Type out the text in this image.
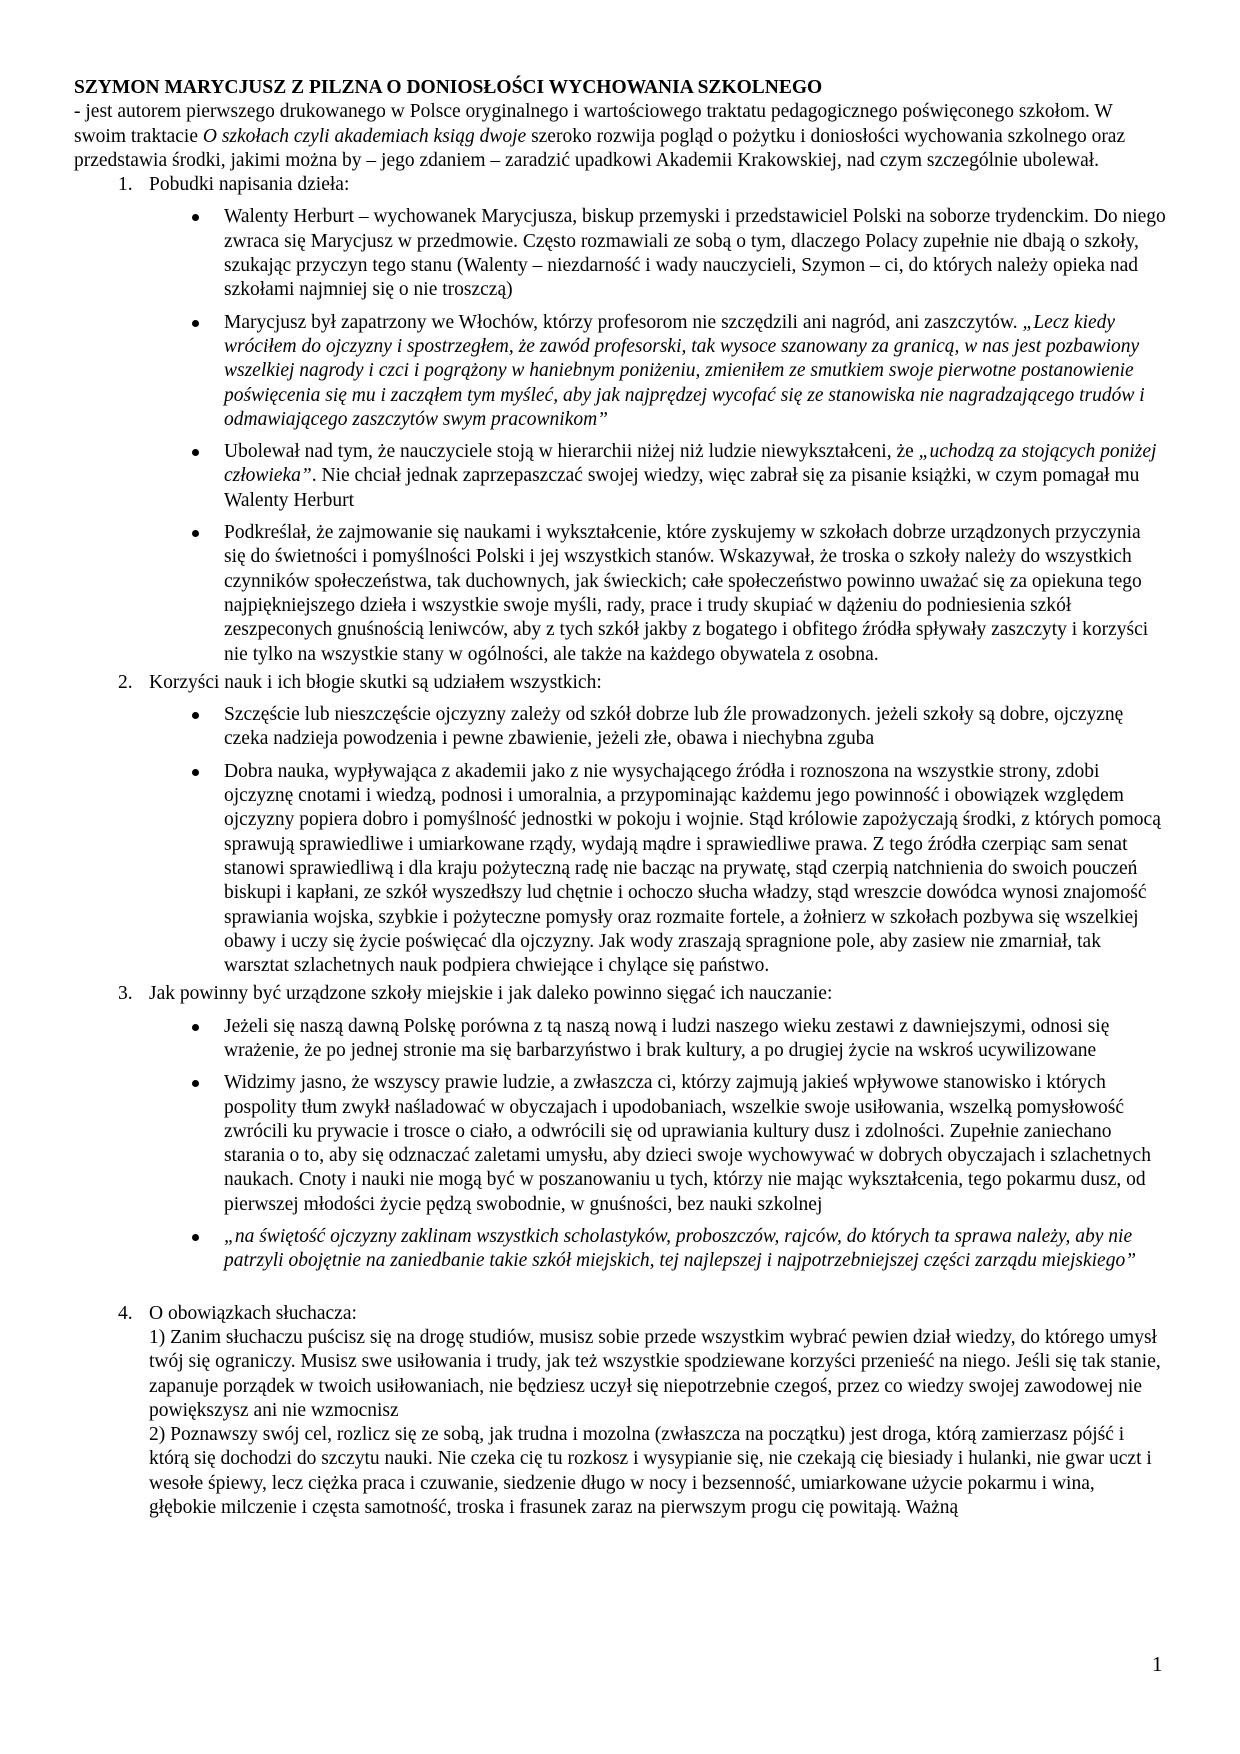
SZYMON MARYCJUSZ Z PILZNA O DONIOSŁOŚCI WYCHOWANIA SZKOLNEGO
- jest autorem pierwszego drukowanego w Polsce oryginalnego i wartościowego traktatu pedagogicznego poświęconego szkołom. W swoim traktacie O szkołach czyli akademiach ksiąg dwoje szeroko rozwija pogląd o pożytku i doniosłości wychowania szkolnego oraz przedstawia środki, jakimi można by – jego zdaniem – zaradzić upadkowi Akademii Krakowskiej, nad czym szczególnie ubolewał.
1. Pobudki napisania dzieła:
Walenty Herburt – wychowanek Marycjusza, biskup przemyski i przedstawiciel Polski na soborze trydenckim. Do niego zwraca się Marycjusz w przedmowie. Często rozmawiali ze sobą o tym, dlaczego Polacy zupełnie nie dbają o szkoły, szukając przyczyn tego stanu (Walenty – niezdarność i wady nauczycieli, Szymon – ci, do których należy opieka nad szkołami najmniej się o nie troszczą)
Marycjusz był zapatrzony we Włochów, którzy profesorom nie szczędzili ani nagród, ani zaszczytów. „Lecz kiedy wróciłem do ojczyzny i spostrzegłem, że zawód profesorski, tak wysoce szanowany za granicą, w nas jest pozbawiony wszelkiej nagrody i czci i pogrążony w haniebnym poniżeniu, zmieniłem ze smutkiem swoje pierwotne postanowienie poświęcenia się mu i zacząłem tym myśleć, aby jak najprędzej wycofać się ze stanowiska nie nagradzającego trudów i odmawiającego zaszczytów swym pracownikom”
Ubolewał nad tym, że nauczyciele stoją w hierarchii niżej niż ludzie niewykształceni, że „uchodzą za stojących poniżej człowieka”. Nie chciał jednak zaprzepaszczać swojej wiedzy, więc zabrał się za pisanie książki, w czym pomagał mu Walenty Herburt
Podkreślał, że zajmowanie się naukami i wykształcenie, które zyskujemy w szkołach dobrze urządzonych przyczynia się do świetności i pomyślności Polski i jej wszystkich stanów. Wskazywał, że troska o szkoły należy do wszystkich czynników społeczeństwa, tak duchownych, jak świeckich; całe społeczeństwo powinno uważać się za opiekuna tego najpiękniejszego dzieła i wszystkie swoje myśli, rady, prace i trudy skupiać w dążeniu do podniesienia szkół zeszpeconych gnuśnością leniwców, aby z tych szkół jakby z bogatego i obfitego źródła spływały zaszczyty i korzyści nie tylko na wszystkie stany w ogólności, ale także na każdego obywatela z osobna.
2. Korzyści nauk i ich błogie skutki są udziałem wszystkich:
Szczęście lub nieszczęście ojczyzny zależy od szkół dobrze lub źle prowadzonych. jeżeli szkoły są dobre, ojczyznę czeka nadzieja powodzenia i pewne zbawienie, jeżeli złe, obawa i niechybna zguba
Dobra nauka, wypływająca z akademii jako z nie wysychającego źródła i roznoszona na wszystkie strony, zdobi ojczyznę cnotami i wiedzą, podnosi i umoralnia, a przypominając każdemu jego powinność i obowiązek względem ojczyzny popiera dobro i pomyślność jednostki w pokoju i wojnie. Stąd królowie zapożyczają środki, z których pomocą sprawują sprawiedliwe i umiarkowane rządy, wydają mądre i sprawiedliwe prawa. Z tego źródła czerpiąc sam senat stanowi sprawiedliwą i dla kraju pożyteczną radę nie bacząc na prywatę, stąd czerpią natchnienia do swoich pouczeń biskupi i kapłani, ze szkół wyszedłszy lud chętnie i ochoczo słucha władzy, stąd wreszcie dowódca wynosi znajomość sprawiania wojska, szybkie i pożyteczne pomysły oraz rozmaite fortele, a żołnierz w szkołach pozbywa się wszelkiej obawy i uczy się życie poświęcać dla ojczyzny. Jak wody zraszają spragnione pole, aby zasiew nie zmarniał, tak warsztat szlachetnych nauk podpiera chwiejące i chylące się państwo.
3. Jak powinny być urządzone szkoły miejskie i jak daleko powinno sięgać ich nauczanie:
Jeżeli się naszą dawną Polskę porówna z tą naszą nową i ludzi naszego wieku zestawi z dawniejszymi, odnosi się wrażenie, że po jednej stronie ma się barbarzyństwo i brak kultury, a po drugiej życie na wskroś ucywilizowane
Widzimy jasno, że wszyscy prawie ludzie, a zwłaszcza ci, którzy zajmują jakieś wpływowe stanowisko i których pospolity tłum zwykł naśladować w obyczajach i upodobaniach, wszelkie swoje usiłowania, wszelką pomysłowość zwrócili ku prywacie i trosce o ciało, a odwrócili się od uprawiania kultury dusz i zdolności. Zupełnie zaniechano starania o to, aby się odznaczać zaletami umysłu, aby dzieci swoje wychowywać w dobrych obyczajach i szlachetnych naukach. Cnoty i nauki nie mogą być w poszanowaniu u tych, którzy nie mając wykształcenia, tego pokarmu dusz, od pierwszej młodości życie pędzą swobodnie, w gnuśności, bez nauki szkolnej
„na świętość ojczyzny zaklinam wszystkich scholastyków, proboszczów, rajców, do których ta sprawa należy, aby nie patrzyli obojętnie na zaniedbanie takie szkół miejskich, tej najlepszej i najpotrzebniejszej części zarządu miejskiego”
4. O obowiązkach słuchacza:
1) Zanim słuchaczu puścisz się na drogę studiów, musisz sobie przede wszystkim wybrać pewien dział wiedzy, do którego umysł twój się ograniczy. Musisz swe usiłowania i trudy, jak też wszystkie spodziewane korzyści przenieść na niego. Jeśli się tak stanie, zapanuje porządek w twoich usiłowaniach, nie będziesz uczył się niepotrzebnie czegoś, przez co wiedzy swojej zawodowej nie powiększysz ani nie wzmocnisz
2) Poznawszy swój cel, rozlicz się ze sobą, jak trudna i mozolna (zwłaszcza na początku) jest droga, którą zamierzasz pójść i którą się dochodzi do szczytu nauki. Nie czeka cię tu rozkosz i wysypianie się, nie czekają cię biesiady i hulanki, nie gwar uczt i wesołe śpiewy, lecz ciężka praca i czuwanie, siedzenie długo w nocy i bezsenność, umiarkowane użycie pokarmu i wina, głębokie milczenie i częsta samotność, troska i frasunek zaraz na pierwszym progu cię powitają. Ważną
1
